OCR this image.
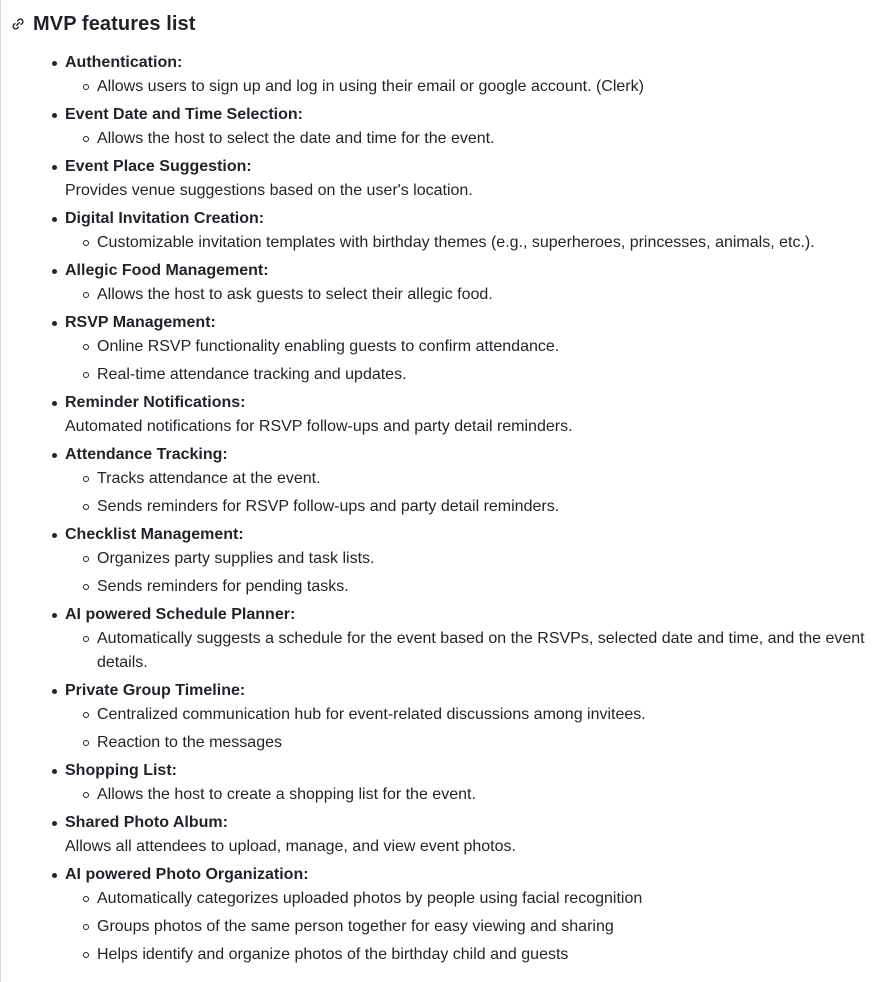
MVP features list
Authentication:
Allows users to sign up and log in using their email or google account. (Clerk)
Event Date and Time Selection:
Allows the host to select the date and time for the event.
Event Place Suggestion:
Provides venue suggestions based on the user's location.
Digital Invitation Creation:
Customizable invitation templates with birthday themes (e.g., superheroes, princesses, animals, etc.).
Allegic Food Management:
Allows the host to ask guests to select their allegic food.
RSVP Management:
Online RSVP functionality enabling guests to confirm attendance.
Real-time attendance tracking and updates.
Reminder Notifications:
Automated notifications for RSVP follow-ups and party detail reminders.
Attendance Tracking:
Tracks attendance at the event.
Sends reminders for RSVP follow-ups and party detail reminders.
Checklist Management:
Organizes party supplies and task lists.
Sends reminders for pending tasks.
AI powered Schedule Planner:
Automatically suggests a schedule for the event based on the RSVPs, selected date and time, and the event details.
Private Group Timeline:
Centralized communication hub for event-related discussions among invitees.
Reaction to the messages
Shopping List:
Allows the host to create a shopping list for the event.
Shared Photo Album:
Allows all attendees to upload, manage, and view event photos.
AI powered Photo Organization:
Automatically categorizes uploaded photos by people using facial recognition
Groups photos of the same person together for easy viewing and sharing
Helps identify and organize photos of the birthday child and guests
